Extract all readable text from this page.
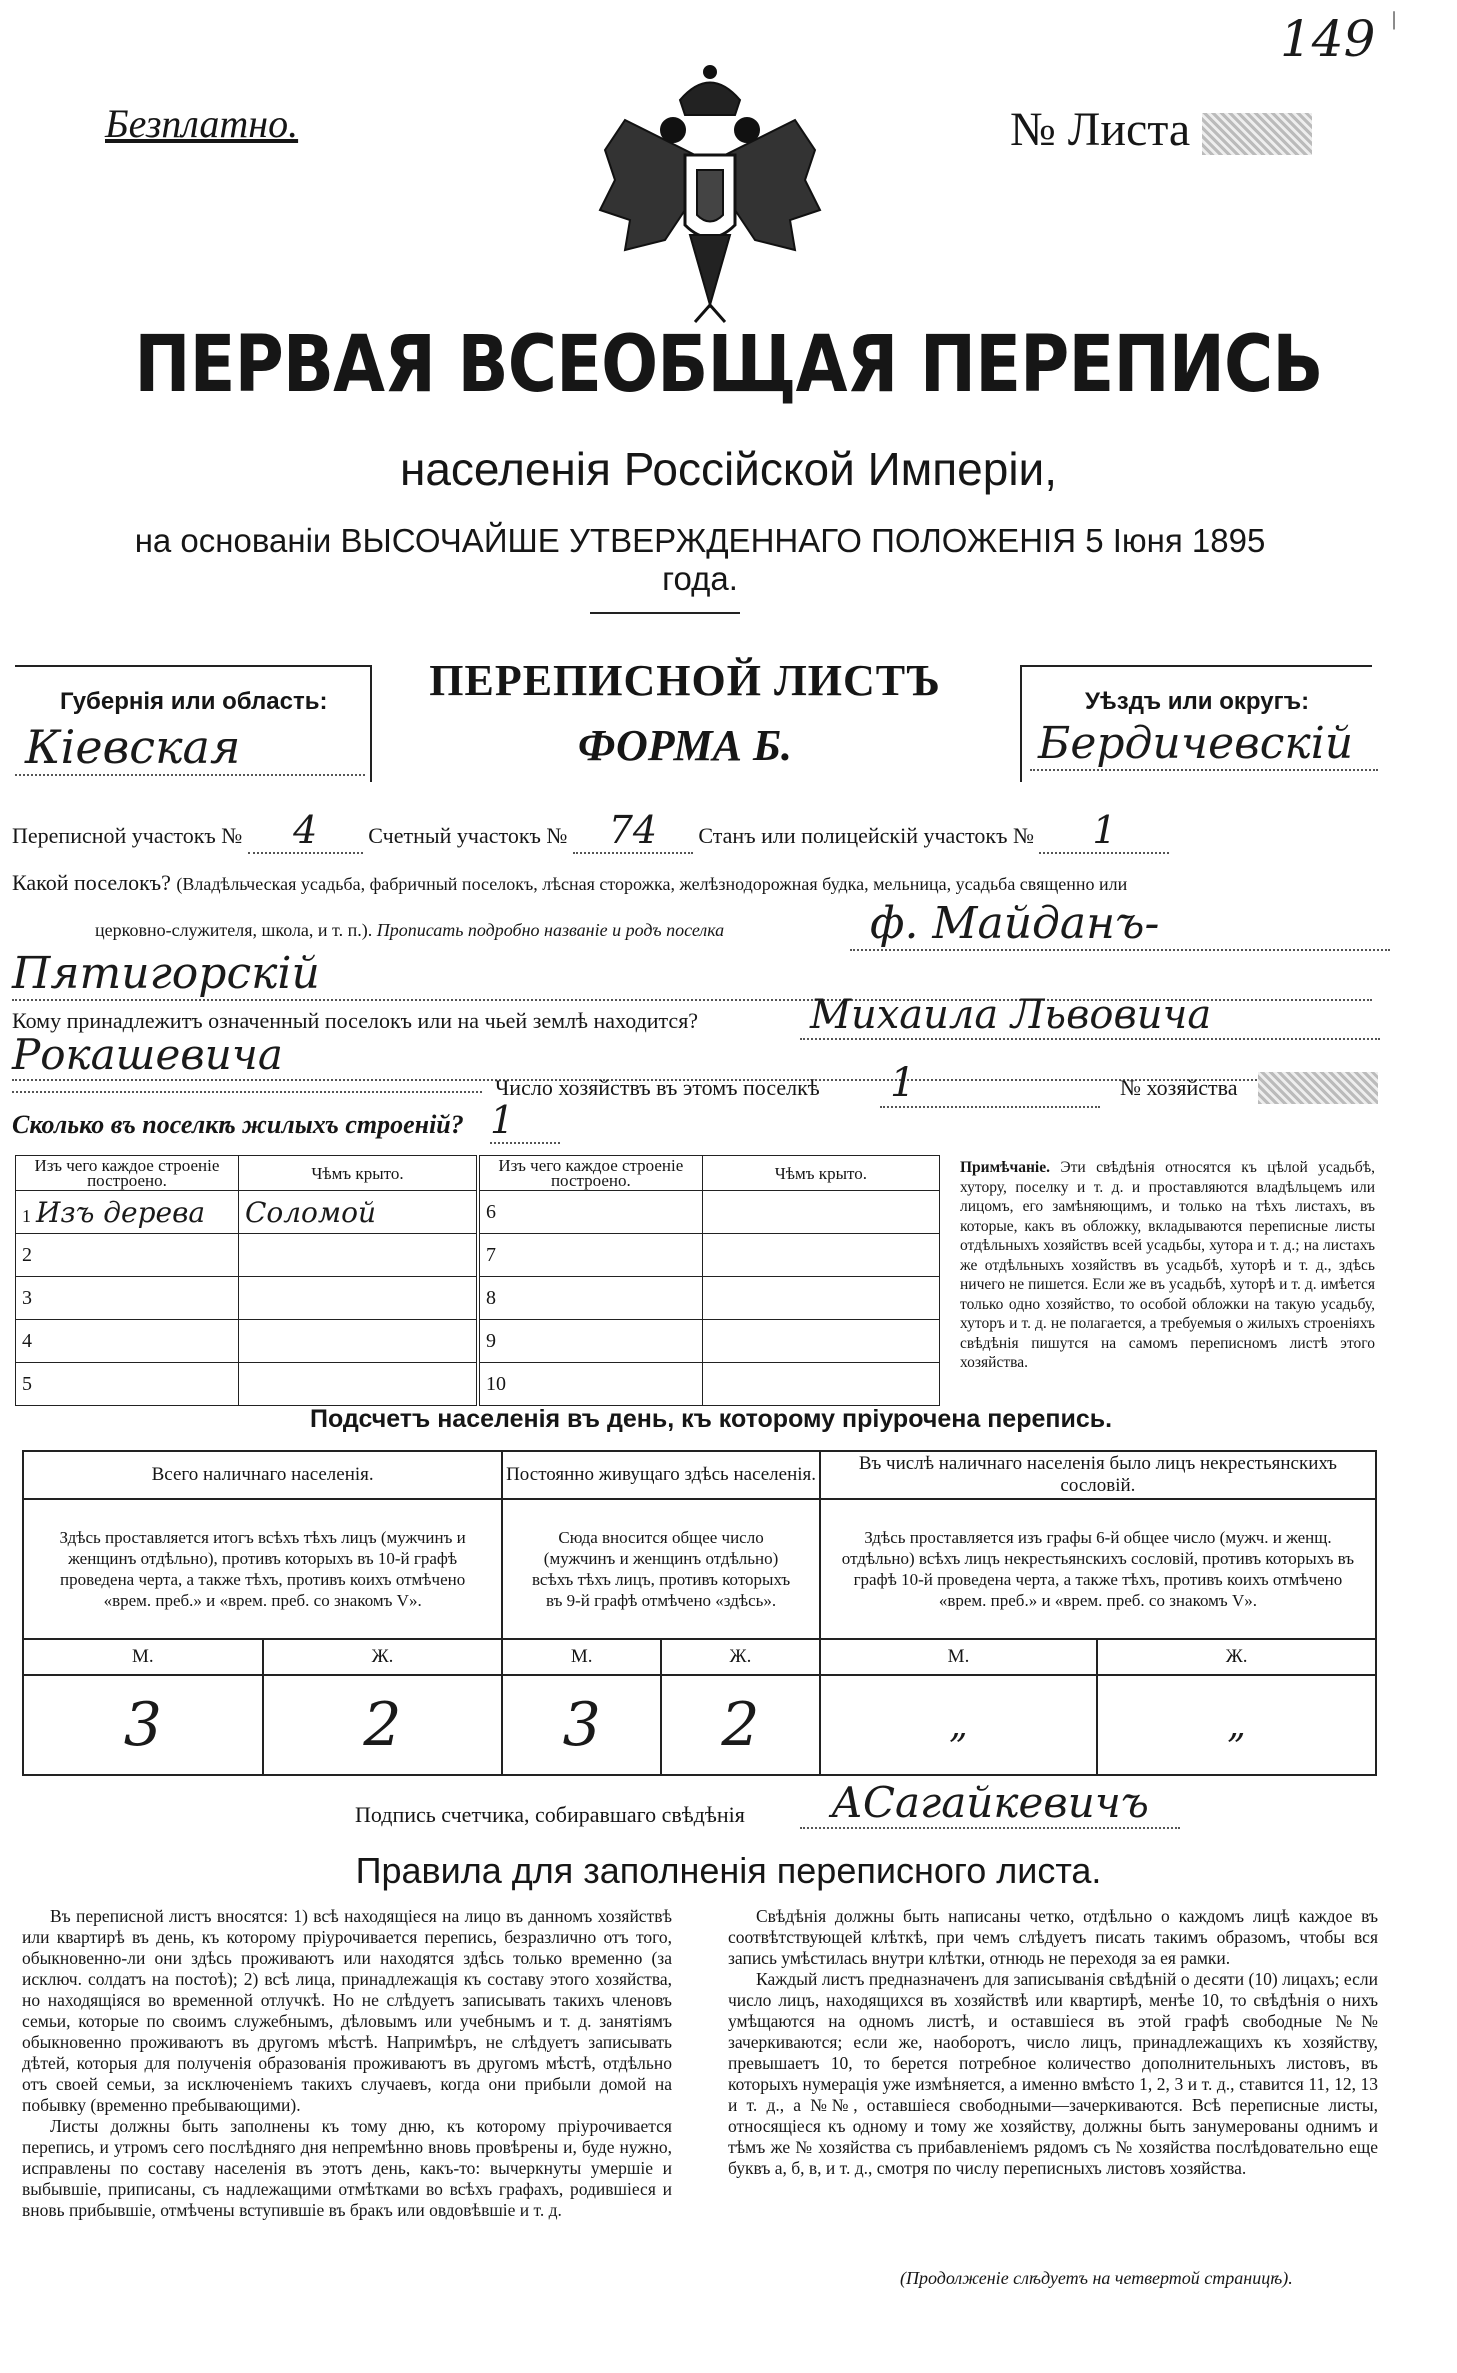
149 |
Безплатно.	№ Листа
ПЕРВАЯ ВСЕОБЩАЯ ПЕРЕПИСЬ
населенія Россійской Имперіи,
на основаніи ВЫСОЧАЙШЕ УТВЕРЖДЕННАГО ПОЛОЖЕНІЯ 5 Іюня 1895 года.
Губернія или область:
Кіевская
ПЕРЕПИСНОЙ ЛИСТЪ
ФОРМА Б.
Уѣздъ или округъ:
Бердичевскій
Переписной участокъ № 4 Счетный участокъ № 74 Станъ или полицейскій участокъ № 1
Какой поселокъ? (Владѣльческая усадьба, фабричный поселокъ, лѣсная сторожка, желѣзнодорожная будка, мельница, усадьба священно или
церковно-служителя, школа, и т. п.). Прописать подробно названіе и родъ поселка	ф. Майданъ-
Пятигорскій
Кому принадлежитъ означенный поселокъ или на чьей землѣ находится?	Михаила Львовича
Рокашевича
Число хозяйствъ въ этомъ поселкѣ 1	№ хозяйства
Сколько въ поселкѣ жилыхъ строеній? 1
Изъ чего каждое строеніе построено.	Чѣмъ крыто.	Изъ чего каждое строеніе построено.	Чѣмъ крыто.
1 Изъ дерева	Соломой	6	
2		7	
3		8	
4		9	
5		10	
Примѣчаніе. Эти свѣдѣнія относятся къ цѣлой усадьбѣ, хутору, поселку и т. д. и проставляются владѣльцемъ или лицомъ, его замѣняющимъ, и только на тѣхъ листахъ, въ которые, какъ въ обложку, вкладываются переписные листы отдѣльныхъ хозяйствъ всей усадьбы, хутора и т. д.; на листахъ же отдѣльныхъ хозяйствъ въ усадьбѣ, хуторѣ и т. д., здѣсь ничего не пишется. Если же въ усадьбѣ, хуторѣ и т. д. имѣется только одно хозяйство, то особой обложки на такую усадьбу, хуторъ и т. д. не полагается, а требуемыя о жилыхъ строеніяхъ свѣдѣнія пишутся на самомъ переписномъ листѣ этого хозяйства.
Подсчетъ населенія въ день, къ которому пріурочена перепись.
Всего наличнаго населенія.		Постоянно живущаго здѣсь населенія.		Въ числѣ наличнаго населенія было лицъ некрестьянскихъ сословій.	
Здѣсь проставляется итогъ всѣхъ тѣхъ лицъ (мужчинъ и женщинъ отдѣльно), противъ которыхъ въ 10-й графѣ проведена черта, а также тѣхъ, противъ коихъ отмѣчено «врем. преб.» и «врем. преб. со знакомъ V».		Сюда вносится общее число (мужчинъ и женщинъ отдѣльно) всѣхъ тѣхъ лицъ, противъ которыхъ въ 9-й графѣ отмѣчено «здѣсь».		Здѣсь проставляется изъ графы 6-й общее число (мужч. и женщ. отдѣльно) всѣхъ лицъ некрестьянскихъ сословій, противъ которыхъ въ графѣ 10-й проведена черта, а также тѣхъ, противъ коихъ отмѣчено «врем. преб.» и «врем. преб. со знакомъ V».	
М.	Ж.	М.	Ж.	М.	Ж.
3	2	3	2	„	„
Подпись счетчика, собиравшаго свѣдѣнія	АСагайкевичъ
Правила для заполненія переписного листа.
Въ переписной листъ вносятся: 1) всѣ находящіеся на лицо въ данномъ хозяйствѣ или квартирѣ въ день, къ которому пріурочивается перепись, безразлично отъ того, обыкновенно-ли они здѣсь проживаютъ или находятся здѣсь только временно (за исключ. солдатъ на постоѣ); 2) всѣ лица, принадлежащія къ составу этого хозяйства, но находящіяся во временной отлучкѣ. Но не слѣдуетъ записывать такихъ членовъ семьи, которые по своимъ служебнымъ, дѣловымъ или учебнымъ и т. д. занятіямъ обыкновенно проживаютъ въ другомъ мѣстѣ. Напримѣръ, не слѣдуетъ записывать дѣтей, которыя для полученія образованія проживаютъ въ другомъ мѣстѣ, отдѣльно отъ своей семьи, за исключеніемъ такихъ случаевъ, когда они прибыли домой на побывку (временно пребывающими).
Листы должны быть заполнены къ тому дню, къ которому пріурочивается перепись, и утромъ сего послѣдняго дня непремѣнно вновь провѣрены и, буде нужно, исправлены по составу населенія въ этотъ день, какъ-то: вычеркнуты умершіе и выбывшіе, приписаны, съ надлежащими отмѣтками во всѣхъ графахъ, родившіеся и вновь прибывшіе, отмѣчены вступившіе въ бракъ или овдовѣвшіе и т. д.
Свѣдѣнія должны быть написаны четко, отдѣльно о каждомъ лицѣ каждое въ соотвѣтствующей клѣткѣ, при чемъ слѣдуетъ писать такимъ образомъ, чтобы вся запись умѣстилась внутри клѣтки, отнюдь не переходя за ея рамки.
Каждый листъ предназначенъ для записыванія свѣдѣній о десяти (10) лицахъ; если число лицъ, находящихся въ хозяйствѣ или квартирѣ, менѣе 10, то свѣдѣнія о нихъ умѣщаются на одномъ листѣ, и оставшіеся въ этой графѣ свободные №№ зачеркиваются; если же, наоборотъ, число лицъ, принадлежащихъ къ хозяйству, превышаетъ 10, то берется потребное количество дополнительныхъ листовъ, въ которыхъ нумерація уже измѣняется, а именно вмѣсто 1, 2, 3 и т. д., ставится 11, 12, 13 и т. д., а №№, оставшіеся свободными—зачеркиваются. Всѣ переписные листы, относящіеся къ одному и тому же хозяйству, должны быть занумерованы однимъ и тѣмъ же № хозяйства съ прибавленіемъ рядомъ съ № хозяйства послѣдовательно еще буквъ а, б, в, и т. д., смотря по числу переписныхъ листовъ хозяйства.
(Продолженіе слѣдуетъ на четвертой страницѣ).
